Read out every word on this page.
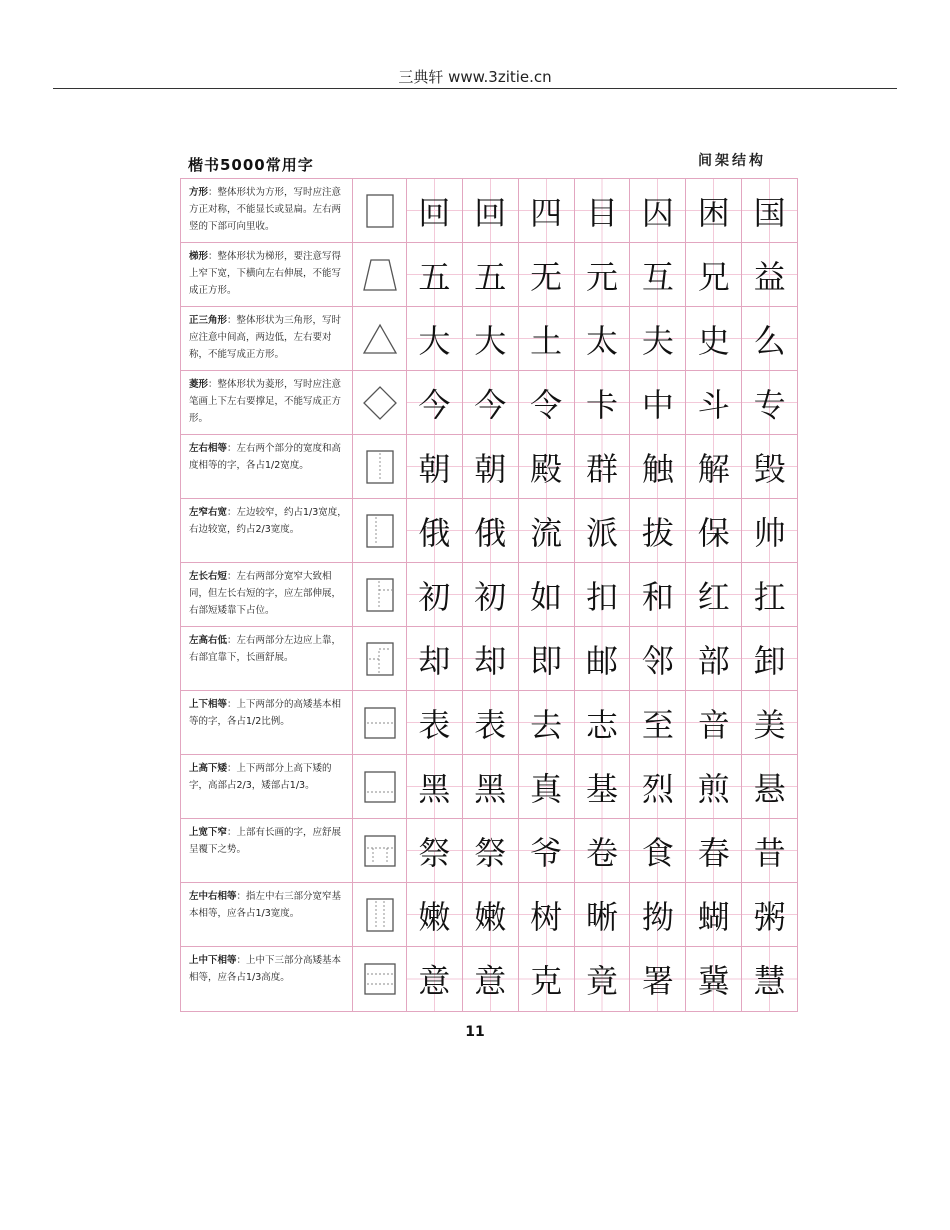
三典轩 www.3zitie.cn
楷书5000常用字	间架结构
方形：整体形状为方形，写时应注意方正对称，不能显长或显扁。左右两竖的下部可向里收。	回 回 四 目 囚 困 国
梯形：整体形状为梯形，要注意写得上窄下宽，下横向左右伸展，不能写成正方形。	五 五 无 元 互 兄 益
正三角形：整体形状为三角形，写时应注意中间高，两边低，左右要对称，不能写成正方形。	大 大 土 太 夫 史 么
菱形：整体形状为菱形，写时应注意笔画上下左右要撑足，不能写成正方形。	今 今 令 卡 中 斗 专
左右相等：左右两个部分的宽度和高度相等的字，各占1/2宽度。	朝 朝 殿 群 触 解 毁
左窄右宽：左边较窄，约占1/3宽度，右边较宽，约占2/3宽度。	俄 俄 流 派 拔 保 帅
左长右短：左右两部分宽窄大致相同，但左长右短的字，应左部伸展，右部短矮靠下占位。	初 初 如 扣 和 红 扛
左高右低：左右两部分左边应上靠，右部宜靠下，长画舒展。	却 却 即 邮 邻 部 卸
上下相等：上下两部分的高矮基本相等的字，各占1/2比例。	表 表 去 志 至 音 美
上高下矮：上下两部分上高下矮的字，高部占2/3，矮部占1/3。	黑 黑 真 基 烈 煎 悬
上宽下窄：上部有长画的字，应舒展呈覆下之势。	祭 祭 爷 卷 食 春 昔
左中右相等：指左中右三部分宽窄基本相等，应各占1/3宽度。	嫩 嫩 树 晰 拗 蝴 粥
上中下相等：上中下三部分高矮基本相等，应各占1/3高度。	意 意 克 竟 署 冀 慧
11
